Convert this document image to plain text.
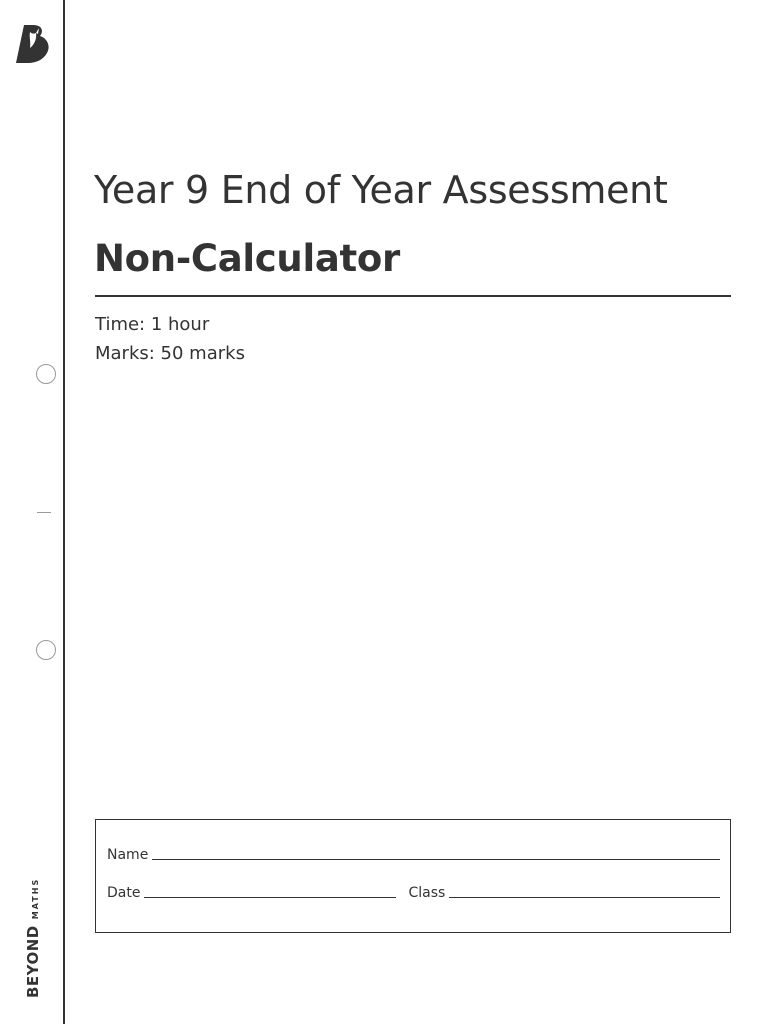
BEYOND
MATHS
Year 9 End of Year Assessment
Non-Calculator
Time: 1 hour
Marks: 50 marks
Name
Date	Class
